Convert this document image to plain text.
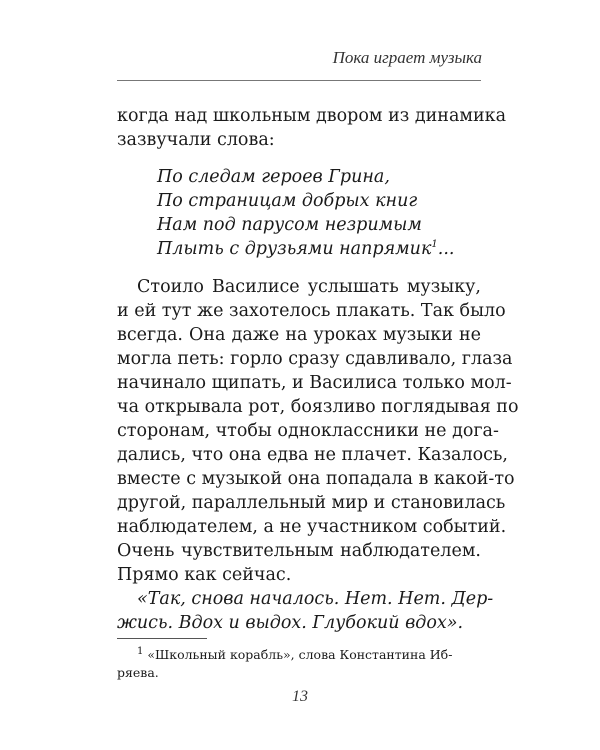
Пока играет музыка
когда над школьным двором из динамика
зазвучали слова:
По следам героев Грина,
По страницам добрых книг
Нам под парусом незримым
Плыть с друзьями напрямик$^1$...
Стоило Василисе услышать музыку,
и ей тут же захотелось плакать. Так было
всегда. Она даже на уроках музыки не
могла петь: горло сразу сдавливало, глаза
начинало щипать, и Василиса только мол-
ча открывала рот, боязливо поглядывая по
сторонам, чтобы одноклассники не дога-
дались, что она едва не плачет. Казалось,
вместе с музыкой она попадала в какой-то
другой, параллельный мир и становилась
наблюдателем, а не участником событий.
Очень чувствительным наблюдателем.
Прямо как сейчас.
«Так, снова началось. Нет. Нет. Дер-
жись. Вдох и выдох. Глубокий вдох».
$^1$ «Школьный корабль», слова Константина Иб-
ряева.
13
